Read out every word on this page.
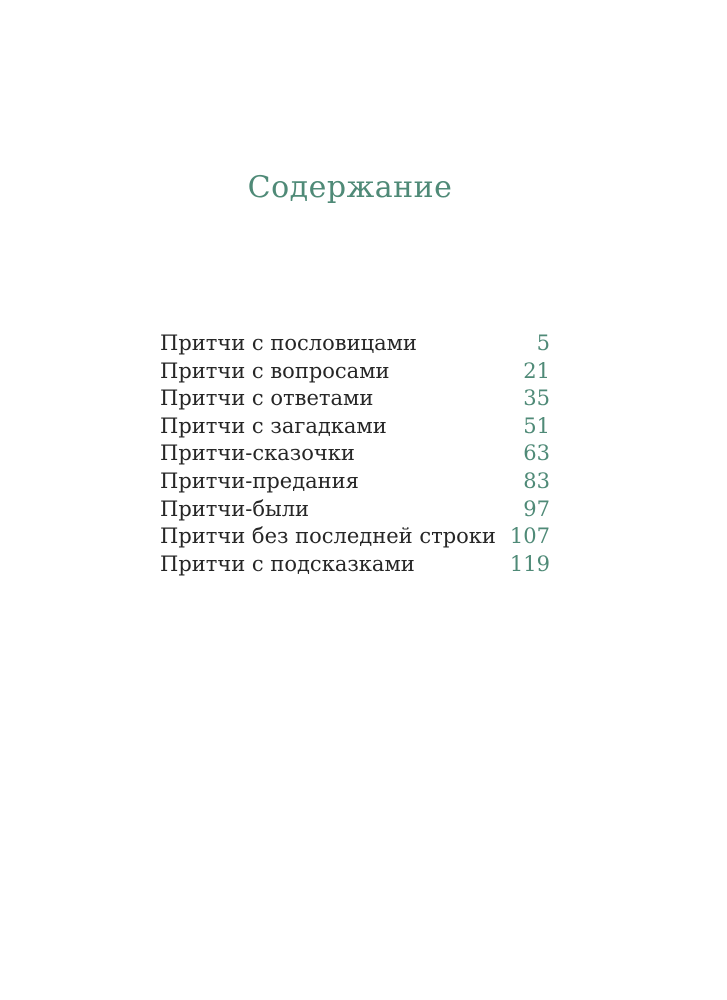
Содержание
Притчи с пословицами	5
Притчи с вопросами	21
Притчи с ответами	35
Притчи с загадками	51
Притчи-сказочки	63
Притчи-предания	83
Притчи-были	97
Притчи без последней строки 107
Притчи с подсказками	119
